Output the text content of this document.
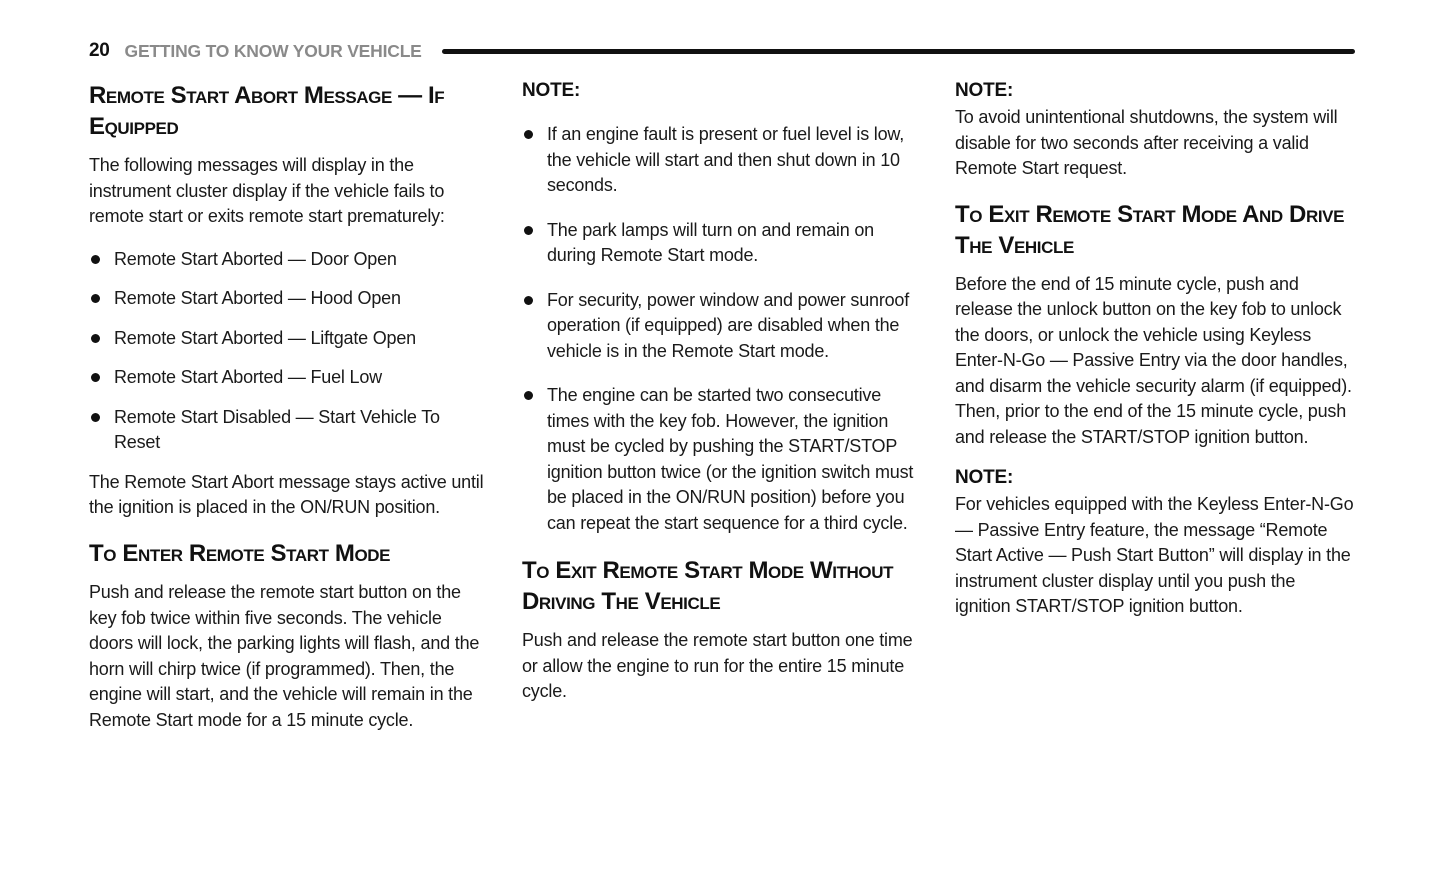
20 GETTING TO KNOW YOUR VEHICLE
Remote Start Abort Message — If Equipped

The following messages will display in the instrument cluster display if the vehicle fails to remote start or exits remote start prematurely:

Remote Start Aborted — Door Open
Remote Start Aborted — Hood Open
Remote Start Aborted — Liftgate Open
Remote Start Aborted — Fuel Low
Remote Start Disabled — Start Vehicle To Reset

The Remote Start Abort message stays active until the ignition is placed in the ON/RUN position.

To Enter Remote Start Mode

Push and release the remote start button on the key fob twice within five seconds. The vehicle doors will lock, the parking lights will flash, and the horn will chirp twice (if programmed). Then, the engine will start, and the vehicle will remain in the Remote Start mode for a 15 minute cycle.

NOTE:
If an engine fault is present or fuel level is low, the vehicle will start and then shut down in 10 seconds.
The park lamps will turn on and remain on during Remote Start mode.
For security, power window and power sunroof operation (if equipped) are disabled when the vehicle is in the Remote Start mode.
The engine can be started two consecutive times with the key fob. However, the ignition must be cycled by pushing the START/STOP ignition button twice (or the ignition switch must be placed in the ON/RUN position) before you can repeat the start sequence for a third cycle.
To Exit Remote Start Mode Without Driving The Vehicle

Push and release the remote start button one time or allow the engine to run for the entire 15 minute cycle.

NOTE:

To avoid unintentional shutdowns, the system will disable for two seconds after receiving a valid Remote Start request.

To Exit Remote Start Mode And Drive The Vehicle

Before the end of 15 minute cycle, push and release the unlock button on the key fob to unlock the doors, or unlock the vehicle using Keyless Enter-N-Go — Passive Entry via the door handles, and disarm the vehicle security alarm (if equipped). Then, prior to the end of the 15 minute cycle, push and release the START/STOP ignition button.

NOTE:

For vehicles equipped with the Keyless Enter-N-Go — Passive Entry feature, the message “Remote Start Active — Push Start Button” will display in the instrument cluster display until you push the ignition START/STOP ignition button.
